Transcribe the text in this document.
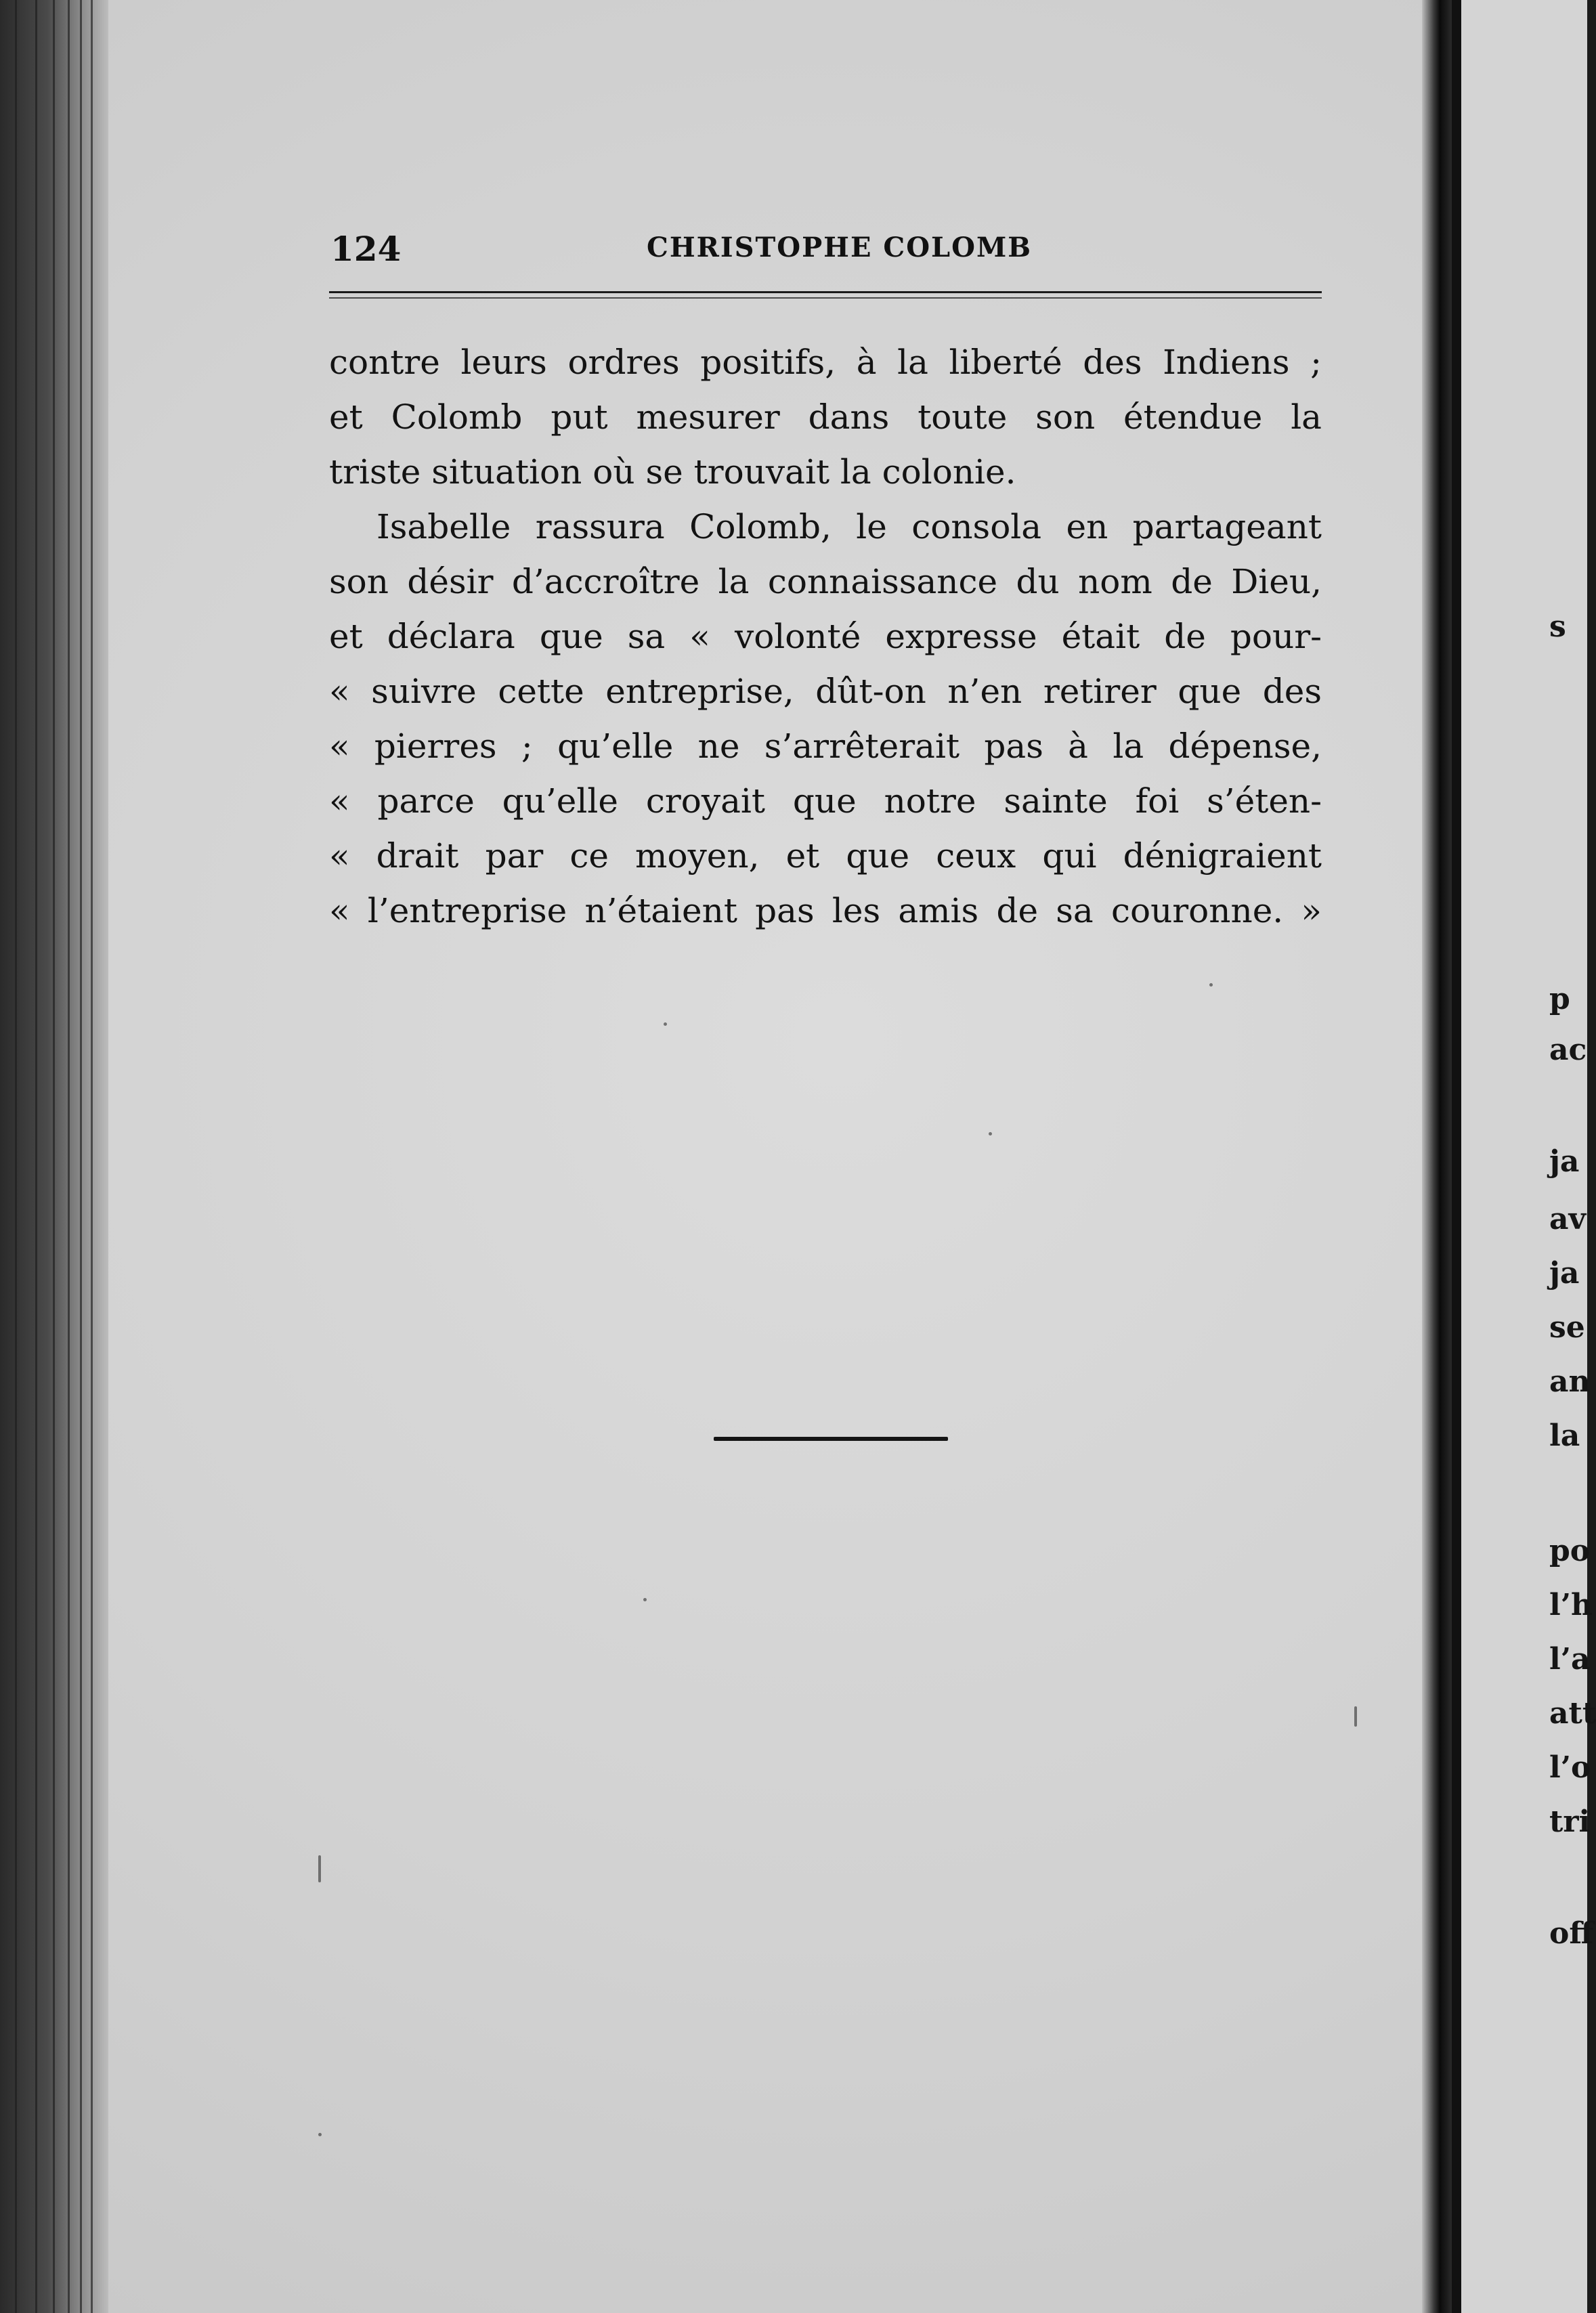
124	CHRISTOPHE COLOMB
contre leurs ordres positifs, à la liberté des Indiens ;
et Colomb put mesurer dans toute son étendue la
triste situation où se trouvait la colonie.
Isabelle rassura Colomb, le consola en partageant
son désir d’accroître la connaissance du nom de Dieu,
et déclara que sa « volonté expresse était de pour-
« suivre cette entreprise, dût-on n’en retirer que des
« pierres ; qu’elle ne s’arrêterait pas à la dépense,
« parce qu’elle croyait que notre sainte foi s’éten-
« drait par ce moyen, et que ceux qui dénigraient
« l’entreprise n’étaient pas les amis de sa couronne. »
s
p
ac
ja
av
ja
se
an
la
po
l’h
l’a
att
l’o
tri
off
